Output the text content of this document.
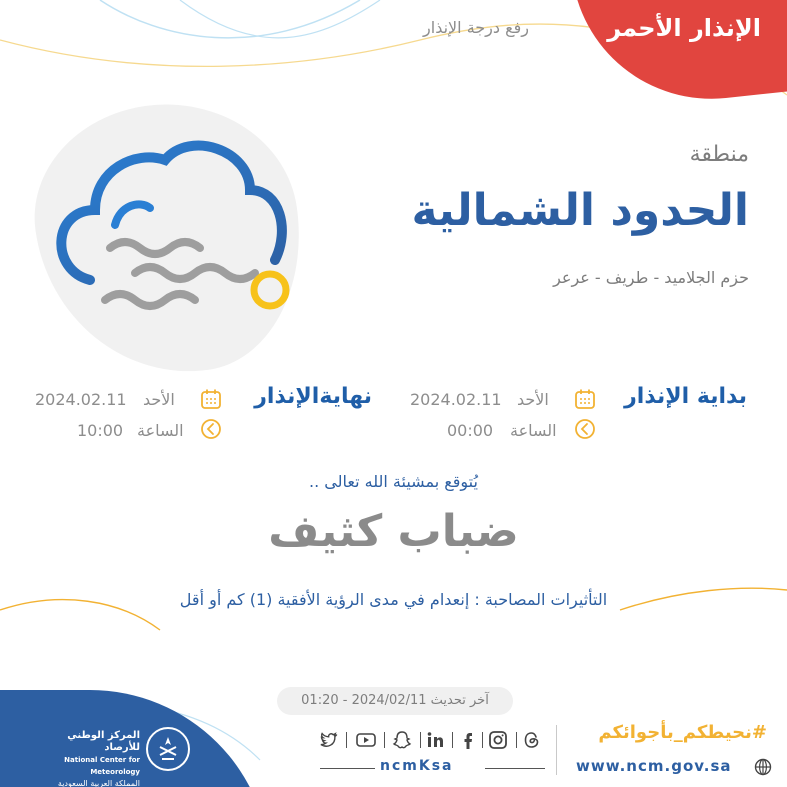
الإنذار الأحمر
رفع درجة الإنذار
منطقة
الحدود الشمالية
حزم الجلاميد - طريف - عرعر
بداية الإنذار
الأحد
2024.02.11
الساعة
00:00
نهايةالإنذار
الأحد
2024.02.11
الساعة
10:00
يُتوقع بمشيئة الله تعالى ..
ضباب كثيف
التأثيرات المصاحبة : إنعدام في مدى الرؤية الأفقية (1) كم أو أقل
آخر تحديث 2024/02/11 - 01:20
المركز الوطني للأرصاد
National Center for Meteorology
المملكة العربية السعودية
ncmKsa
#نحيطكم_بأجوائكم
www.ncm.gov.sa
